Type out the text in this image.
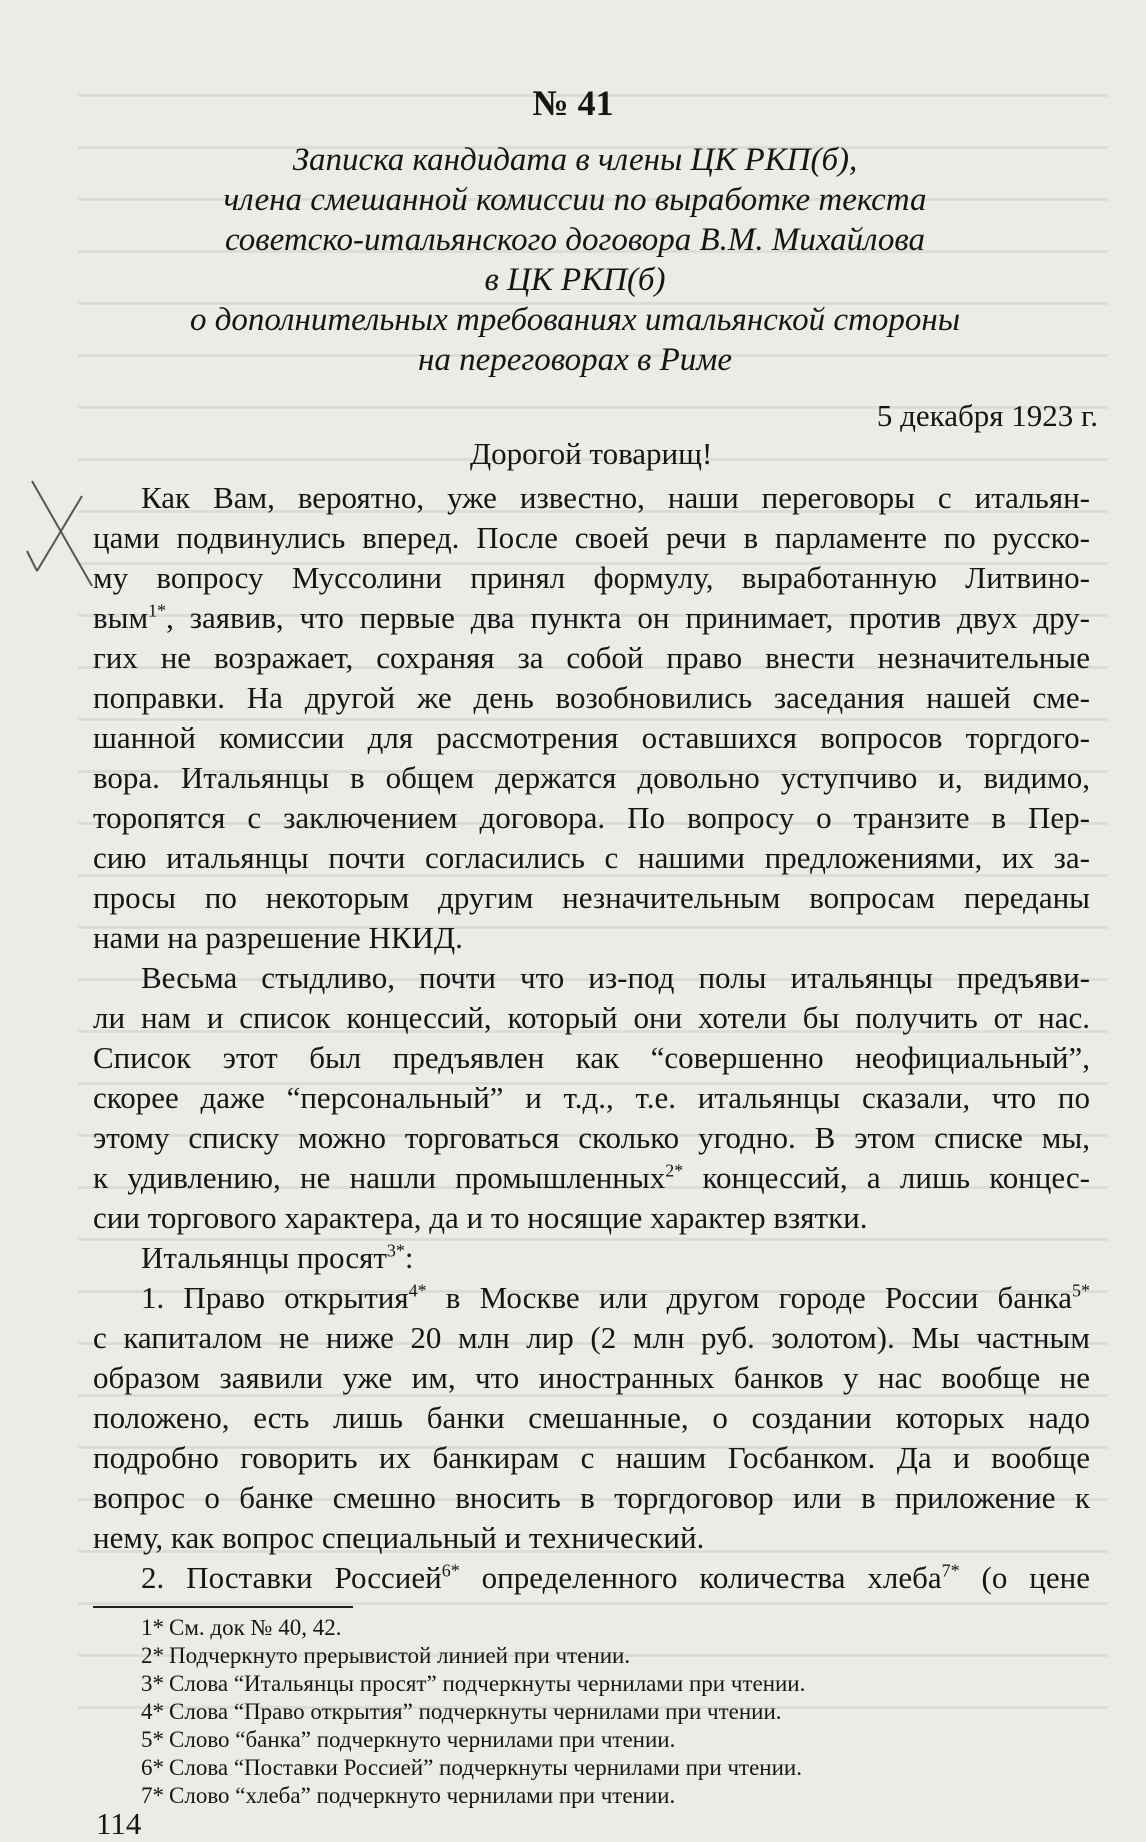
№ 41
Записка кандидата в члены ЦК РКП(б),
члена смешанной комиссии по выработке текста
советско-итальянского договора В.М. Михайлова
в ЦК РКП(б)
о дополнительных требованиях итальянской стороны
на переговорах в Риме
5 декабря 1923 г.
Дорогой товарищ!
Как Вам, вероятно, уже известно, наши переговоры с итальян-
цами подвинулись вперед. После своей речи в парламенте по русско-
му вопросу Муссолини принял формулу, выработанную Литвино-
вым$^{1*}$, заявив, что первые два пункта он принимает, против двух дру-
гих не возражает, сохраняя за собой право внести незначительные
поправки. На другой же день возобновились заседания нашей сме-
шанной комиссии для рассмотрения оставшихся вопросов торгдого-
вора. Итальянцы в общем держатся довольно уступчиво и, видимо,
торопятся с заключением договора. По вопросу о транзите в Пер-
сию итальянцы почти согласились с нашими предложениями, их за-
просы по некоторым другим незначительным вопросам переданы
нами на разрешение НКИД.
Весьма стыдливо, почти что из-под полы итальянцы предъяви-
ли нам и список концессий, который они хотели бы получить от нас.
Список этот был предъявлен как “совершенно неофициальный”,
скорее даже “персональный” и т.д., т.е. итальянцы сказали, что по
этому списку можно торговаться сколько угодно. В этом списке мы,
к удивлению, не нашли промышленных$^{2*}$ концессий, а лишь концес-
сии торгового характера, да и то носящие характер взятки.
Итальянцы просят$^{3*}$:
1. Право открытия$^{4*}$ в Москве или другом городе России банка$^{5*}$
с капиталом не ниже 20 млн лир (2 млн руб. золотом). Мы частным
образом заявили уже им, что иностранных банков у нас вообще не
положено, есть лишь банки смешанные, о создании которых надо
подробно говорить их банкирам с нашим Госбанком. Да и вообще
вопрос о банке смешно вносить в торгдоговор или в приложение к
нему, как вопрос специальный и технический.
2. Поставки Россией$^{6*}$ определенного количества хлеба$^{7*}$ (о цене
1* См. док № 40, 42.
2* Подчеркнуто прерывистой линией при чтении.
3* Слова “Итальянцы просят” подчеркнуты чернилами при чтении.
4* Слова “Право открытия” подчеркнуты чернилами при чтении.
5* Слово “банка” подчеркнуто чернилами при чтении.
6* Слова “Поставки Россией” подчеркнуты чернилами при чтении.
7* Слово “хлеба” подчеркнуто чернилами при чтении.
114
